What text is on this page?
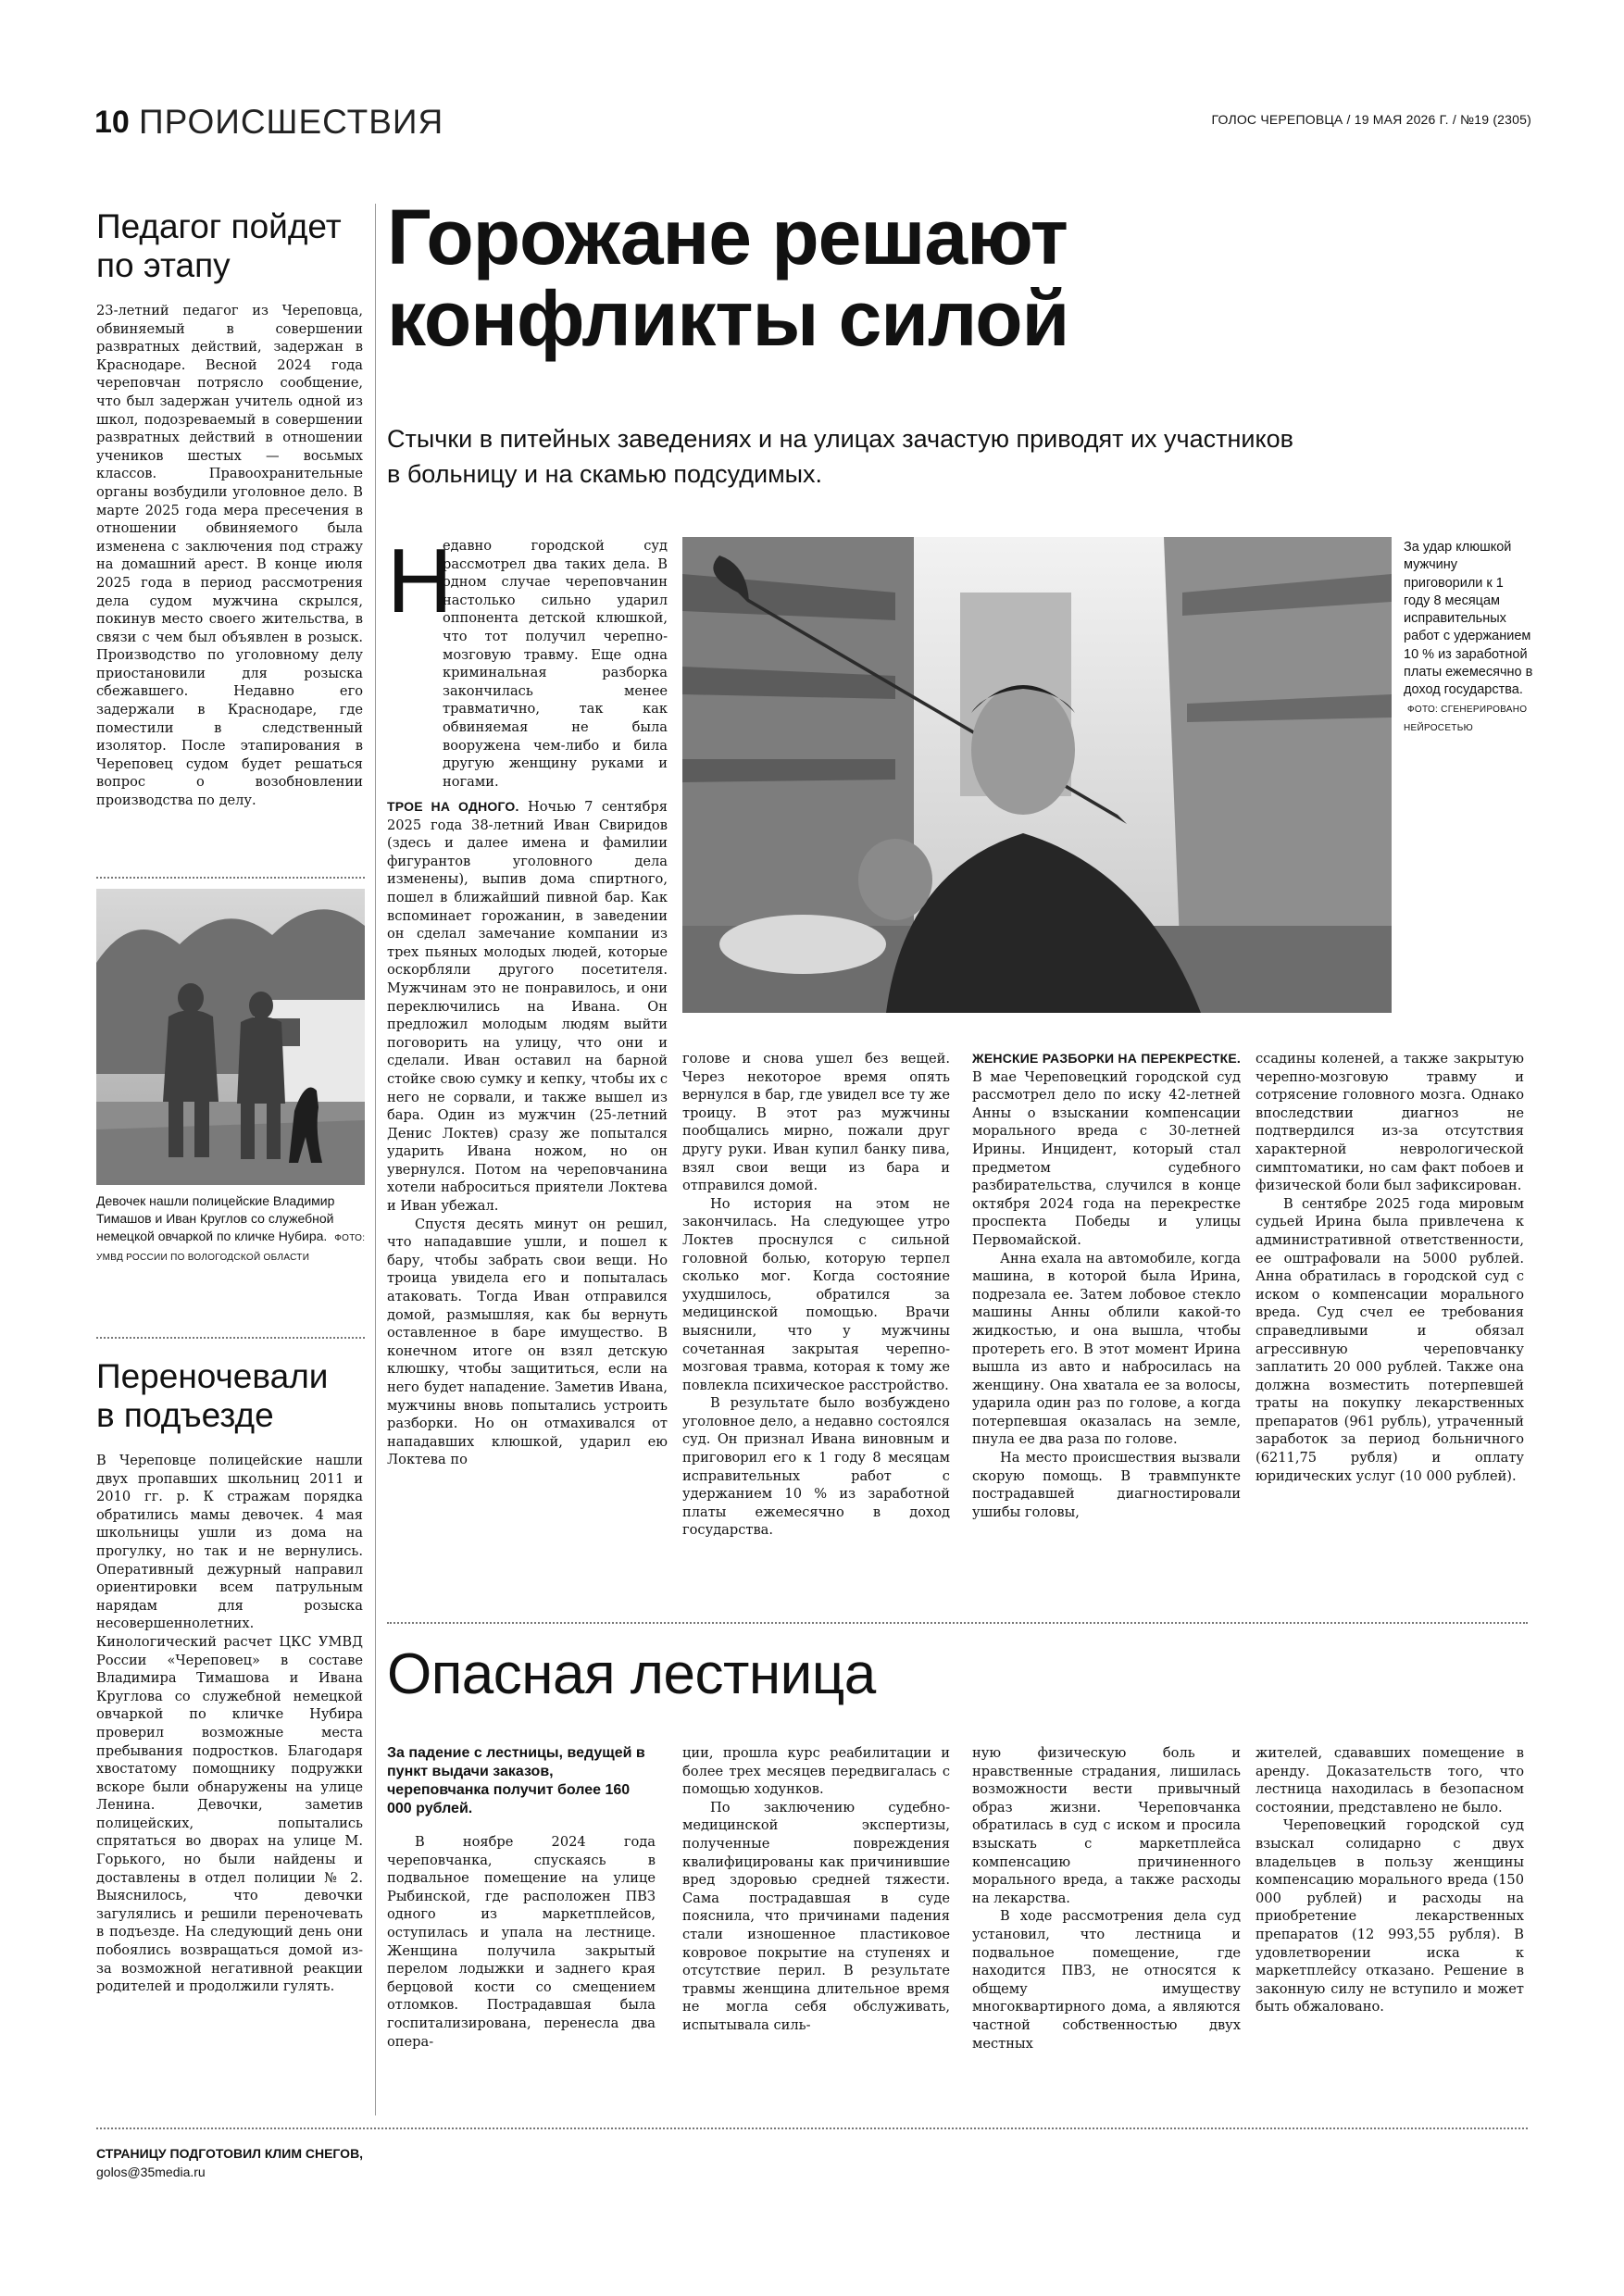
10 ПРОИСШЕСТВИЯ	ГОЛОС ЧЕРЕПОВЦА / 19 МАЯ 2026 Г. / №19 (2305)
Педагог пойдет
по этапу
23-летний педагог из Череповца, обвиняемый в совершении развратных действий, задержан в Краснодаре. Весной 2024 года череповчан потрясло сообщение, что был задержан учитель одной из школ, подозреваемый в совершении развратных действий в отношении учеников шестых — восьмых классов. Правоохранительные органы возбудили уголовное дело. В марте 2025 года мера пресечения в отношении обвиняемого была изменена с заключения под стражу на домашний арест. В конце июля 2025 года в период рассмотрения дела судом мужчина скрылся, покинув место своего жительства, в связи с чем был объявлен в розыск. Производство по уголовному делу приостановили для розыска сбежавшего. Недавно его задержали в Краснодаре, где поместили в следственный изолятор. После этапирования в Череповец судом будет решаться вопрос о возобновлении производства по делу.
Девочек нашли полицейские Владимир Тимашов и Иван Круглов со служебной немецкой овчаркой по кличке Нубира. ФОТО: УМВД РОССИИ ПО ВОЛОГОДСКОЙ ОБЛАСТИ
Переночевали
в подъезде
В Череповце полицейские нашли двух пропавших школьниц 2011 и 2010 гг. р. К стражам порядка обратились мамы девочек. 4 мая школьницы ушли из дома на прогулку, но так и не вернулись. Оперативный дежурный направил ориентировки всем патрульным нарядам для розыска несовершеннолетних. Кинологический расчет ЦКС УМВД России «Череповец» в составе Владимира Тимашова и Ивана Круглова со служебной немецкой овчаркой по кличке Нубира проверил возможные места пребывания подростков. Благодаря хвостатому помощнику подружки вскоре были обнаружены на улице Ленина. Девочки, заметив полицейских, попытались спрятаться во дворах на улице М. Горького, но были найдены и доставлены в отдел полиции № 2. Выяснилось, что девочки загулялись и решили переночевать в подъезде. На следующий день они побоялись возвращаться домой из-за возможной негативной реакции родителей и продолжили гулять.
Горожане решают
конфликты силой
Стычки в питейных заведениях и на улицах зачастую приводят их участников
в больницу и на скамью подсудимых.
Н
едавно городской суд рассмотрел два таких дела. В одном случае череповчанин настолько сильно ударил оппонента детской клюшкой, что тот получил черепно-мозговую травму. Еще одна криминальная разборка закончилась менее травматично, так как обвиняемая не была вооружена чем-либо и била другую женщину руками и ногами.
За удар клюшкой мужчину приговорили к 1 году 8 месяцам исправительных работ с удержанием 10 % из заработной платы ежемесячно в доход государства. ФОТО: СГЕНЕРИРОВАНО НЕЙРОСЕТЬЮ

ТРОЕ НА ОДНОГО. Ночью 7 сентября 2025 года 38-летний Иван Свиридов (здесь и далее имена и фамилии фигурантов уголовного дела изменены), выпив дома спиртного, пошел в ближайший пивной бар. Как вспоминает горожанин, в заведении он сделал замечание компании из трех пьяных молодых людей, которые оскорбляли другого посетителя. Мужчинам это не понравилось, и они переключились на Ивана. Он предложил молодым людям выйти поговорить на улицу, что они и сделали. Иван оставил на барной стойке свою сумку и кепку, чтобы их с него не сорвали, и также вышел из бара. Один из мужчин (25-летний Денис Локтев) сразу же попытался ударить Ивана ножом, но он увернулся. Потом на череповчанина хотели наброситься приятели Локтева и Иван убежал.

Спустя десять минут он решил, что нападавшие ушли, и пошел к бару, чтобы забрать свои вещи. Но троица увидела его и попыталась атаковать. Тогда Иван отправился домой, размышляя, как бы вернуть оставленное в баре имущество. В конечном итоге он взял детскую клюшку, чтобы защититься, если на него будет нападение. Заметив Ивана, мужчины вновь попытались устроить разборки. Но он отмахивался от нападавших клюшкой, ударил ею Локтева по

голове и снова ушел без вещей. Через некоторое время опять вернулся в бар, где увидел все ту же троицу. В этот раз мужчины пообщались мирно, пожали друг другу руки. Иван купил банку пива, взял свои вещи из бара и отправился домой.

Но история на этом не закончилась. На следующее утро Локтев проснулся с сильной головной болью, которую терпел сколько мог. Когда состояние ухудшилось, обратился за медицинской помощью. Врачи выяснили, что у мужчины сочетанная закрытая черепно-мозговая травма, которая к тому же повлекла психическое расстройство.

В результате было возбуждено уголовное дело, а недавно состоялся суд. Он признал Ивана виновным и приговорил его к 1 году 8 месяцам исправительных работ с удержанием 10 % из заработной платы ежемесячно в доход государства.

ЖЕНСКИЕ РАЗБОРКИ НА ПЕРЕКРЕСТКЕ. В мае Череповецкий городской суд рассмотрел дело по иску 42-летней Анны о взыскании компенсации морального вреда с 30-летней Ирины. Инцидент, который стал предметом судебного разбирательства, случился в конце октября 2024 года на перекрестке проспекта Победы и улицы Первомайской.

Анна ехала на автомобиле, когда машина, в которой была Ирина, подрезала ее. Затем лобовое стекло машины Анны облили какой-то жидкостью, и она вышла, чтобы протереть его. В этот момент Ирина вышла из авто и набросилась на женщину. Она хватала ее за волосы, ударила один раз по голове, а когда потерпевшая оказалась на земле, пнула ее два раза по голове.

На место происшествия вызвали скорую помощь. В травмпункте пострадавшей диагностировали ушибы головы,

ссадины коленей, а также закрытую черепно-мозговую травму и сотрясение головного мозга. Однако впоследствии диагноз не подтвердился из-за отсутствия характерной неврологической симптоматики, но сам факт побоев и физической боли был зафиксирован.

В сентябре 2025 года мировым судьей Ирина была привлечена к административной ответственности, ее оштрафовали на 5000 рублей. Анна обратилась в городской суд с иском о компенсации морального вреда. Суд счел ее требования справедливыми и обязал агрессивную череповчанку заплатить 20 000 рублей. Также она должна возместить потерпевшей траты на покупку лекарственных препаратов (961 рубль), утраченный заработок за период больничного (6211,75 рубля) и оплату юридических услуг (10 000 рублей).

Опасная лестница

За падение с лестницы, ведущей в пункт выдачи заказов, череповчанка получит более 160 000 рублей.

В ноябре 2024 года череповчанка, спускаясь в подвальное помещение на улице Рыбинской, где расположен ПВЗ одного из маркетплейсов, оступилась и упала на лестнице. Женщина получила закрытый перелом лодыжки и заднего края берцовой кости со смещением отломков. Пострадавшая была госпитализирована, перенесла два опера-

ции, прошла курс реабилитации и более трех месяцев передвигалась с помощью ходунков.

По заключению судебно-медицинской экспертизы, полученные повреждения квалифицированы как причинившие вред здоровью средней тяжести. Сама пострадавшая в суде пояснила, что причинами падения стали изношенное пластиковое ковровое покрытие на ступенях и отсутствие перил. В результате травмы женщина длительное время не могла себя обслуживать, испытывала силь-

ную физическую боль и нравственные страдания, лишилась возможности вести привычный образ жизни. Череповчанка обратилась в суд с иском и просила взыскать с маркетплейса компенсацию причиненного морального вреда, а также расходы на лекарства.

В ходе рассмотрения дела суд установил, что лестница и подвальное помещение, где находится ПВЗ, не относятся к общему имуществу многоквартирного дома, а являются частной собственностью двух местных

жителей, сдававших помещение в аренду. Доказательств того, что лестница находилась в безопасном состоянии, представлено не было.

Череповецкий городской суд взыскал солидарно с двух владельцев в пользу женщины компенсацию морального вреда (150 000 рублей) и расходы на приобретение лекарственных препаратов (12 993,55 рубля). В удовлетворении иска к маркетплейсу отказано. Решение в законную силу не вступило и может быть обжаловано.

СТРАНИЦУ ПОДГОТОВИЛ КЛИМ СНЕГОВ,
golos@35media.ru
